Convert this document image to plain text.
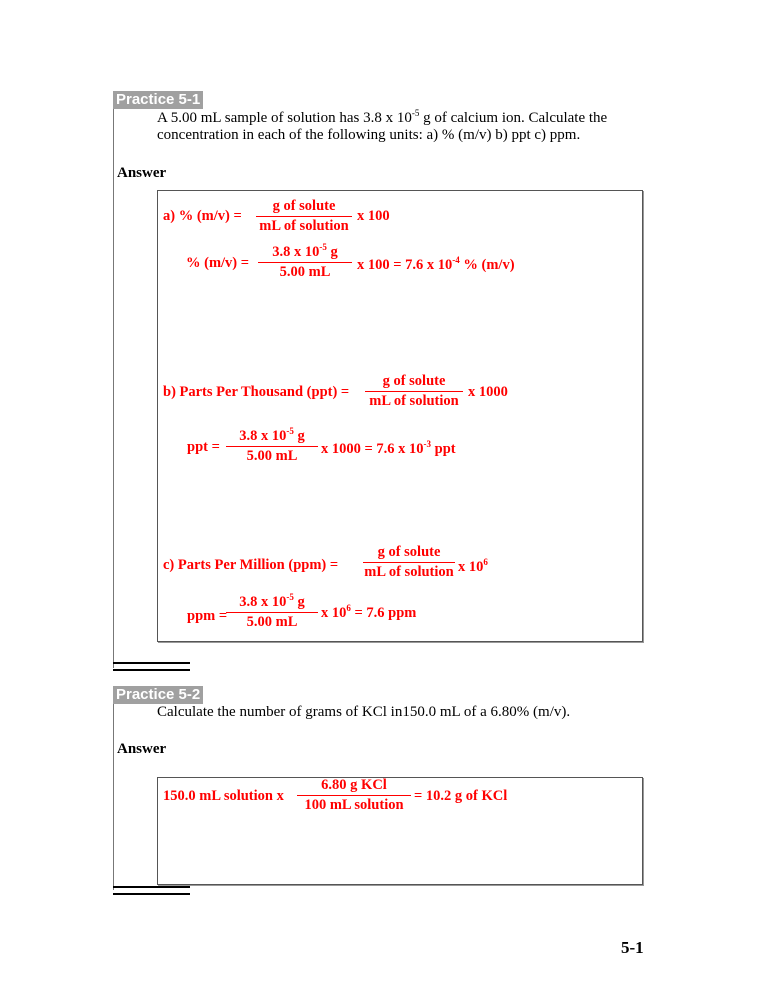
Practice 5-1
A 5.00 mL sample of solution has 3.8 x $10^{-5}$ g of calcium ion. Calculate the
concentration in each of the following units: a) % (m/v) b) ppt c) ppm.
Answer
a) % (m/v) =
g of solute
mL of solution
x 100
% $(m/v) = \frac{3.8 x 10^{-5} g}{5.00 mL}$ x 100 = 7.6 x $10^{-4}$ % (m/v)
b) Parts Per Thousand (ppt) =
g of solute
mL of solution
x 1000
ppt = $\frac{3.8 x 10^{-5} g}{5.00 mL}$ x 1000 = 7.6 x $10^{-3}$ ppt
c) Parts Per Million (ppm) =
g of solute
mL of solution x $10^6$
ppm =
$\frac{3.8 x 10^{-5} g}{5.00 mL}$ x $10^6 = 7.6$ ppm
Practice 5-2
Calculate the number of grams of KCl in150.0 mL of a 6.80% (m/v).
Answer
150.0 mL solution x
6.80 g KCl
100 mL solution
= 10.2 g of KCl
5-1
